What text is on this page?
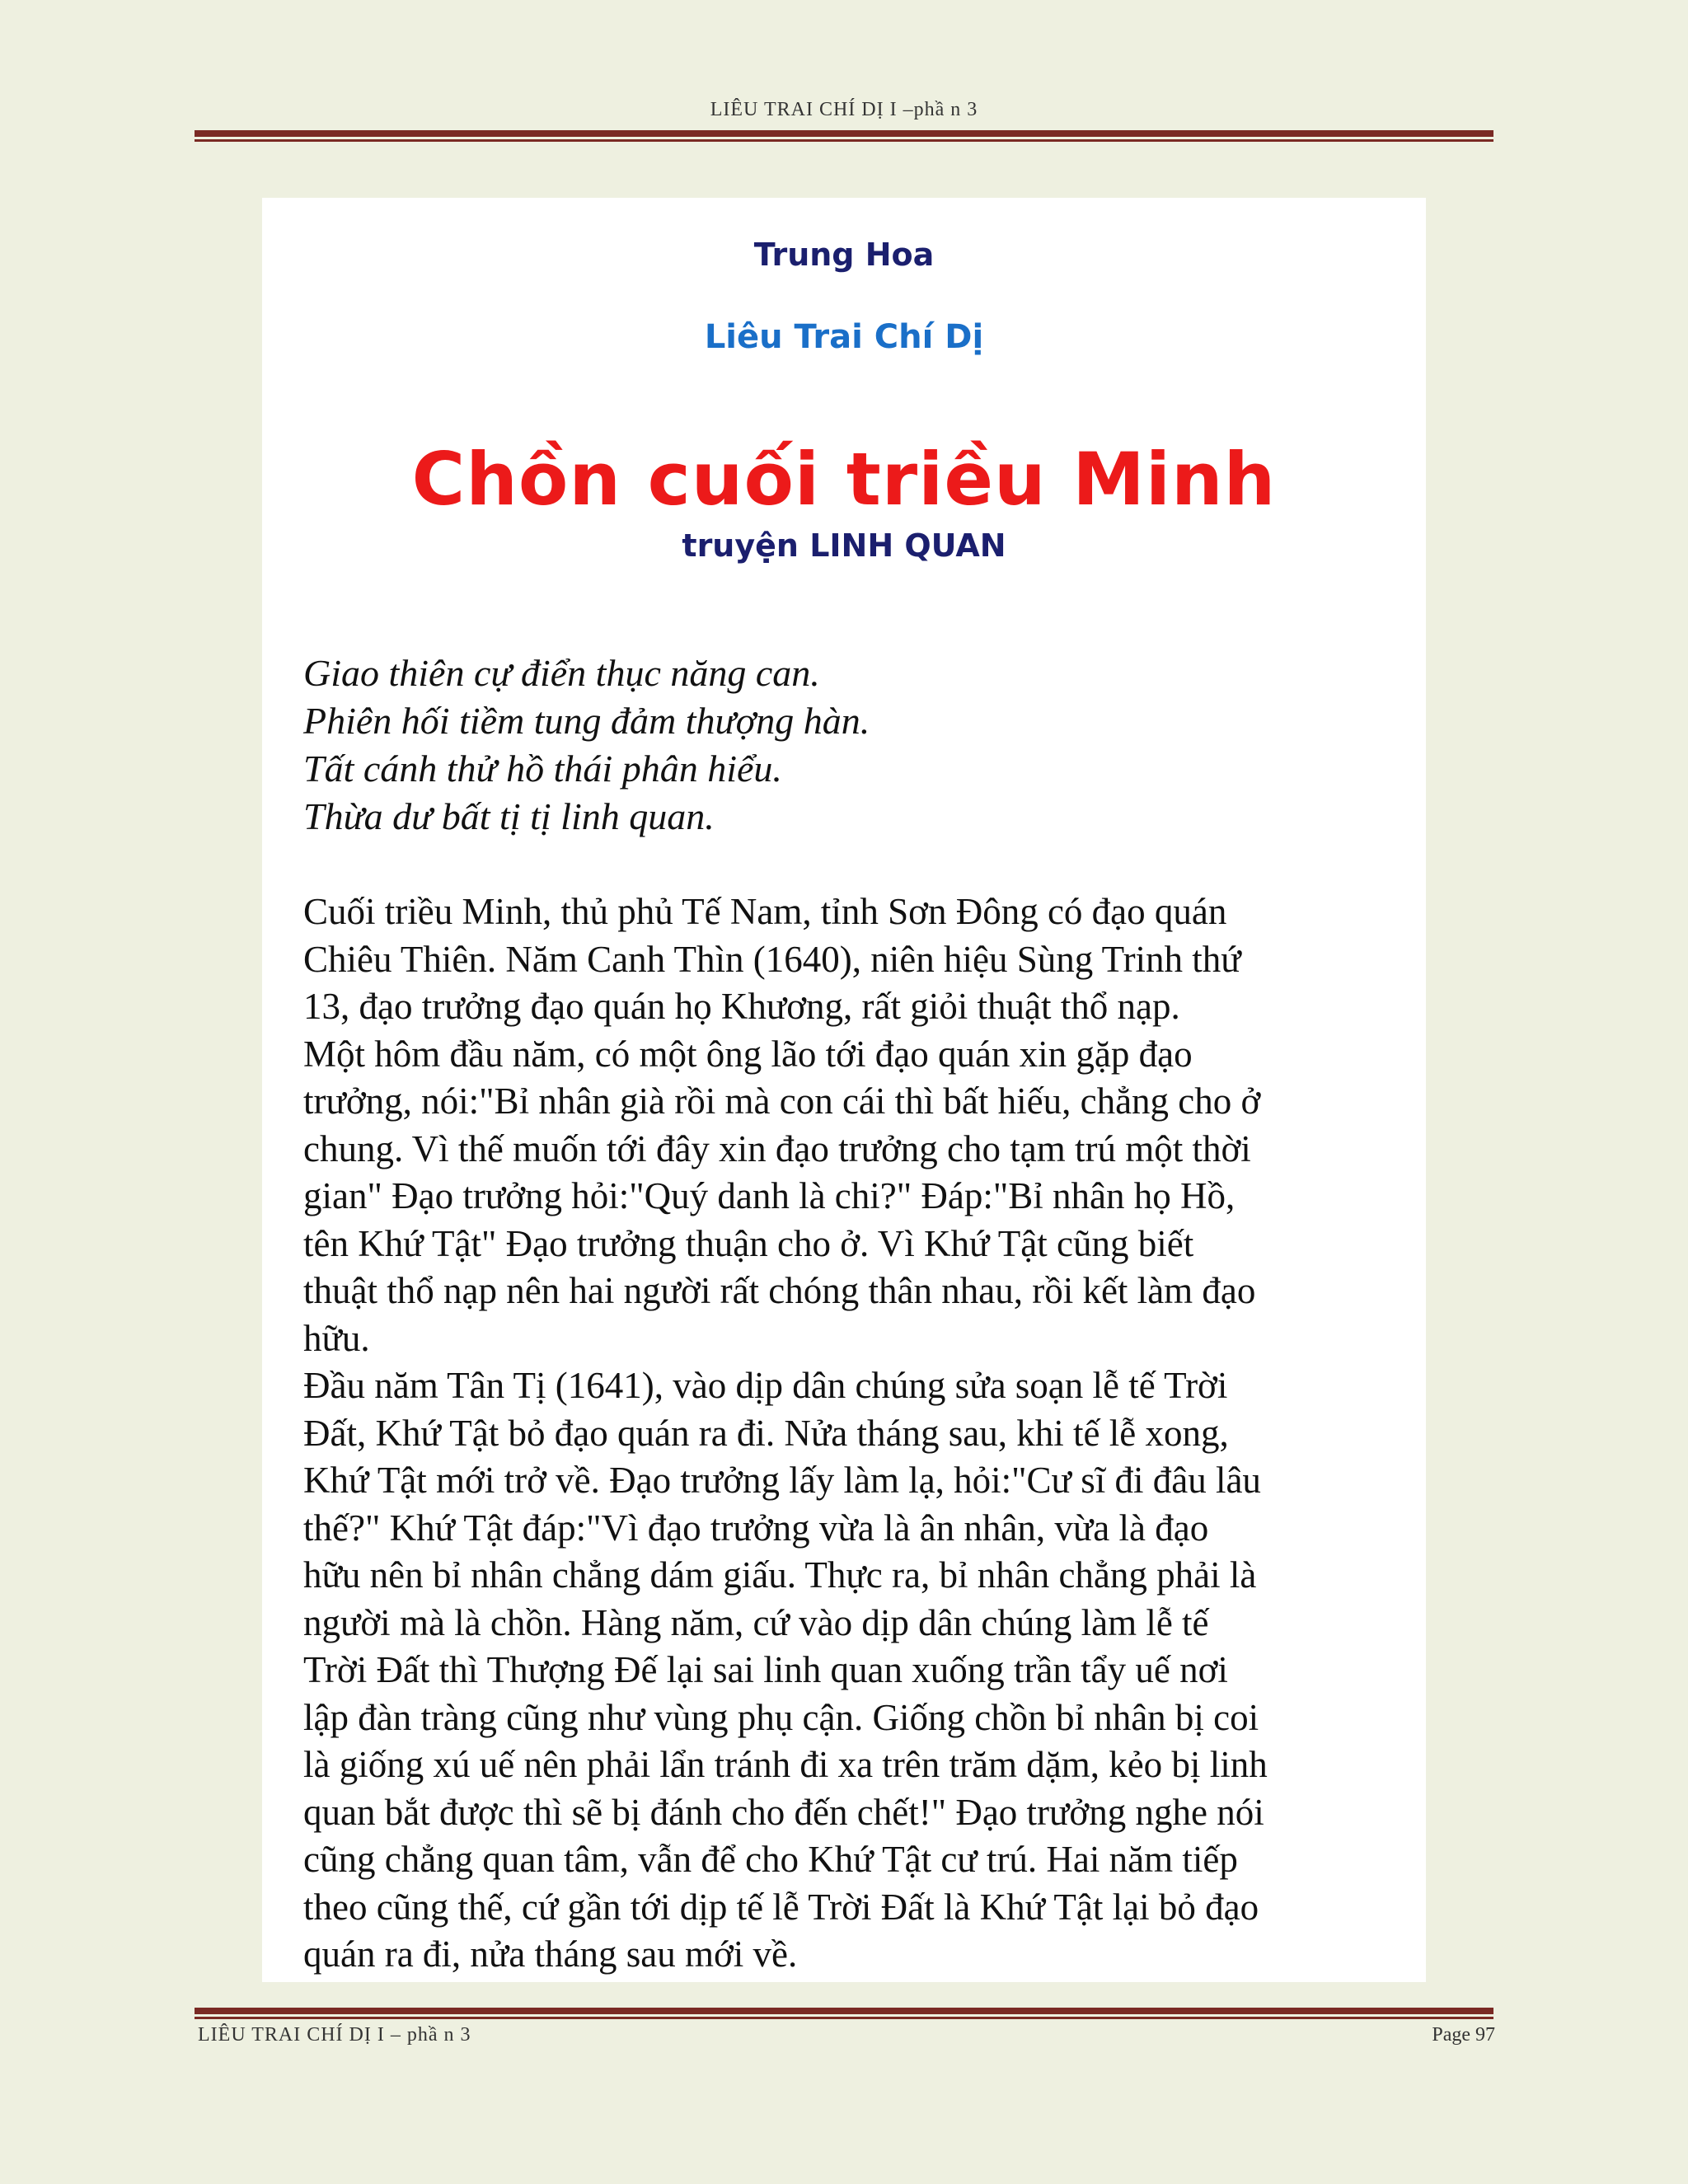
LIÊU TRAI CHÍ DỊ I –phầ n 3
Trung Hoa
Liêu Trai Chí Dị
Chồn cuối triều Minh
truyện LINH QUAN
Giao thiên cự điển thục năng can.
Phiên hối tiềm tung đảm thượng hàn.
Tất cánh thử hồ thái phân hiểu.
Thừa dư bất tị tị linh quan.
Cuối triều Minh, thủ phủ Tế Nam, tỉnh Sơn Đông có đạo quán
Chiêu Thiên. Năm Canh Thìn (1640), niên hiệu Sùng Trinh thứ
13, đạo trưởng đạo quán họ Khương, rất giỏi thuật thổ nạp.
Một hôm đầu năm, có một ông lão tới đạo quán xin gặp đạo
trưởng, nói:"Bỉ nhân già rồi mà con cái thì bất hiếu, chẳng cho ở
chung. Vì thế muốn tới đây xin đạo trưởng cho tạm trú một thời
gian" Đạo trưởng hỏi:"Quý danh là chi?" Đáp:"Bỉ nhân họ Hồ,
tên Khứ Tật" Đạo trưởng thuận cho ở. Vì Khứ Tật cũng biết
thuật thổ nạp nên hai người rất chóng thân nhau, rồi kết làm đạo
hữu.
Đầu năm Tân Tị (1641), vào dịp dân chúng sửa soạn lễ tế Trời
Đất, Khứ Tật bỏ đạo quán ra đi. Nửa tháng sau, khi tế lễ xong,
Khứ Tật mới trở về. Đạo trưởng lấy làm lạ, hỏi:"Cư sĩ đi đâu lâu
thế?" Khứ Tật đáp:"Vì đạo trưởng vừa là ân nhân, vừa là đạo
hữu nên bỉ nhân chẳng dám giấu. Thực ra, bỉ nhân chẳng phải là
người mà là chồn. Hàng năm, cứ vào dịp dân chúng làm lễ tế
Trời Đất thì Thượng Đế lại sai linh quan xuống trần tẩy uế nơi
lập đàn tràng cũng như vùng phụ cận. Giống chồn bỉ nhân bị coi
là giống xú uế nên phải lẩn tránh đi xa trên trăm dặm, kẻo bị linh
quan bắt được thì sẽ bị đánh cho đến chết!" Đạo trưởng nghe nói
cũng chẳng quan tâm, vẫn để cho Khứ Tật cư trú. Hai năm tiếp
theo cũng thế, cứ gần tới dịp tế lễ Trời Đất là Khứ Tật lại bỏ đạo
quán ra đi, nửa tháng sau mới về.
LIÊU TRAI CHÍ DỊ I – phầ n 3	Page 97
